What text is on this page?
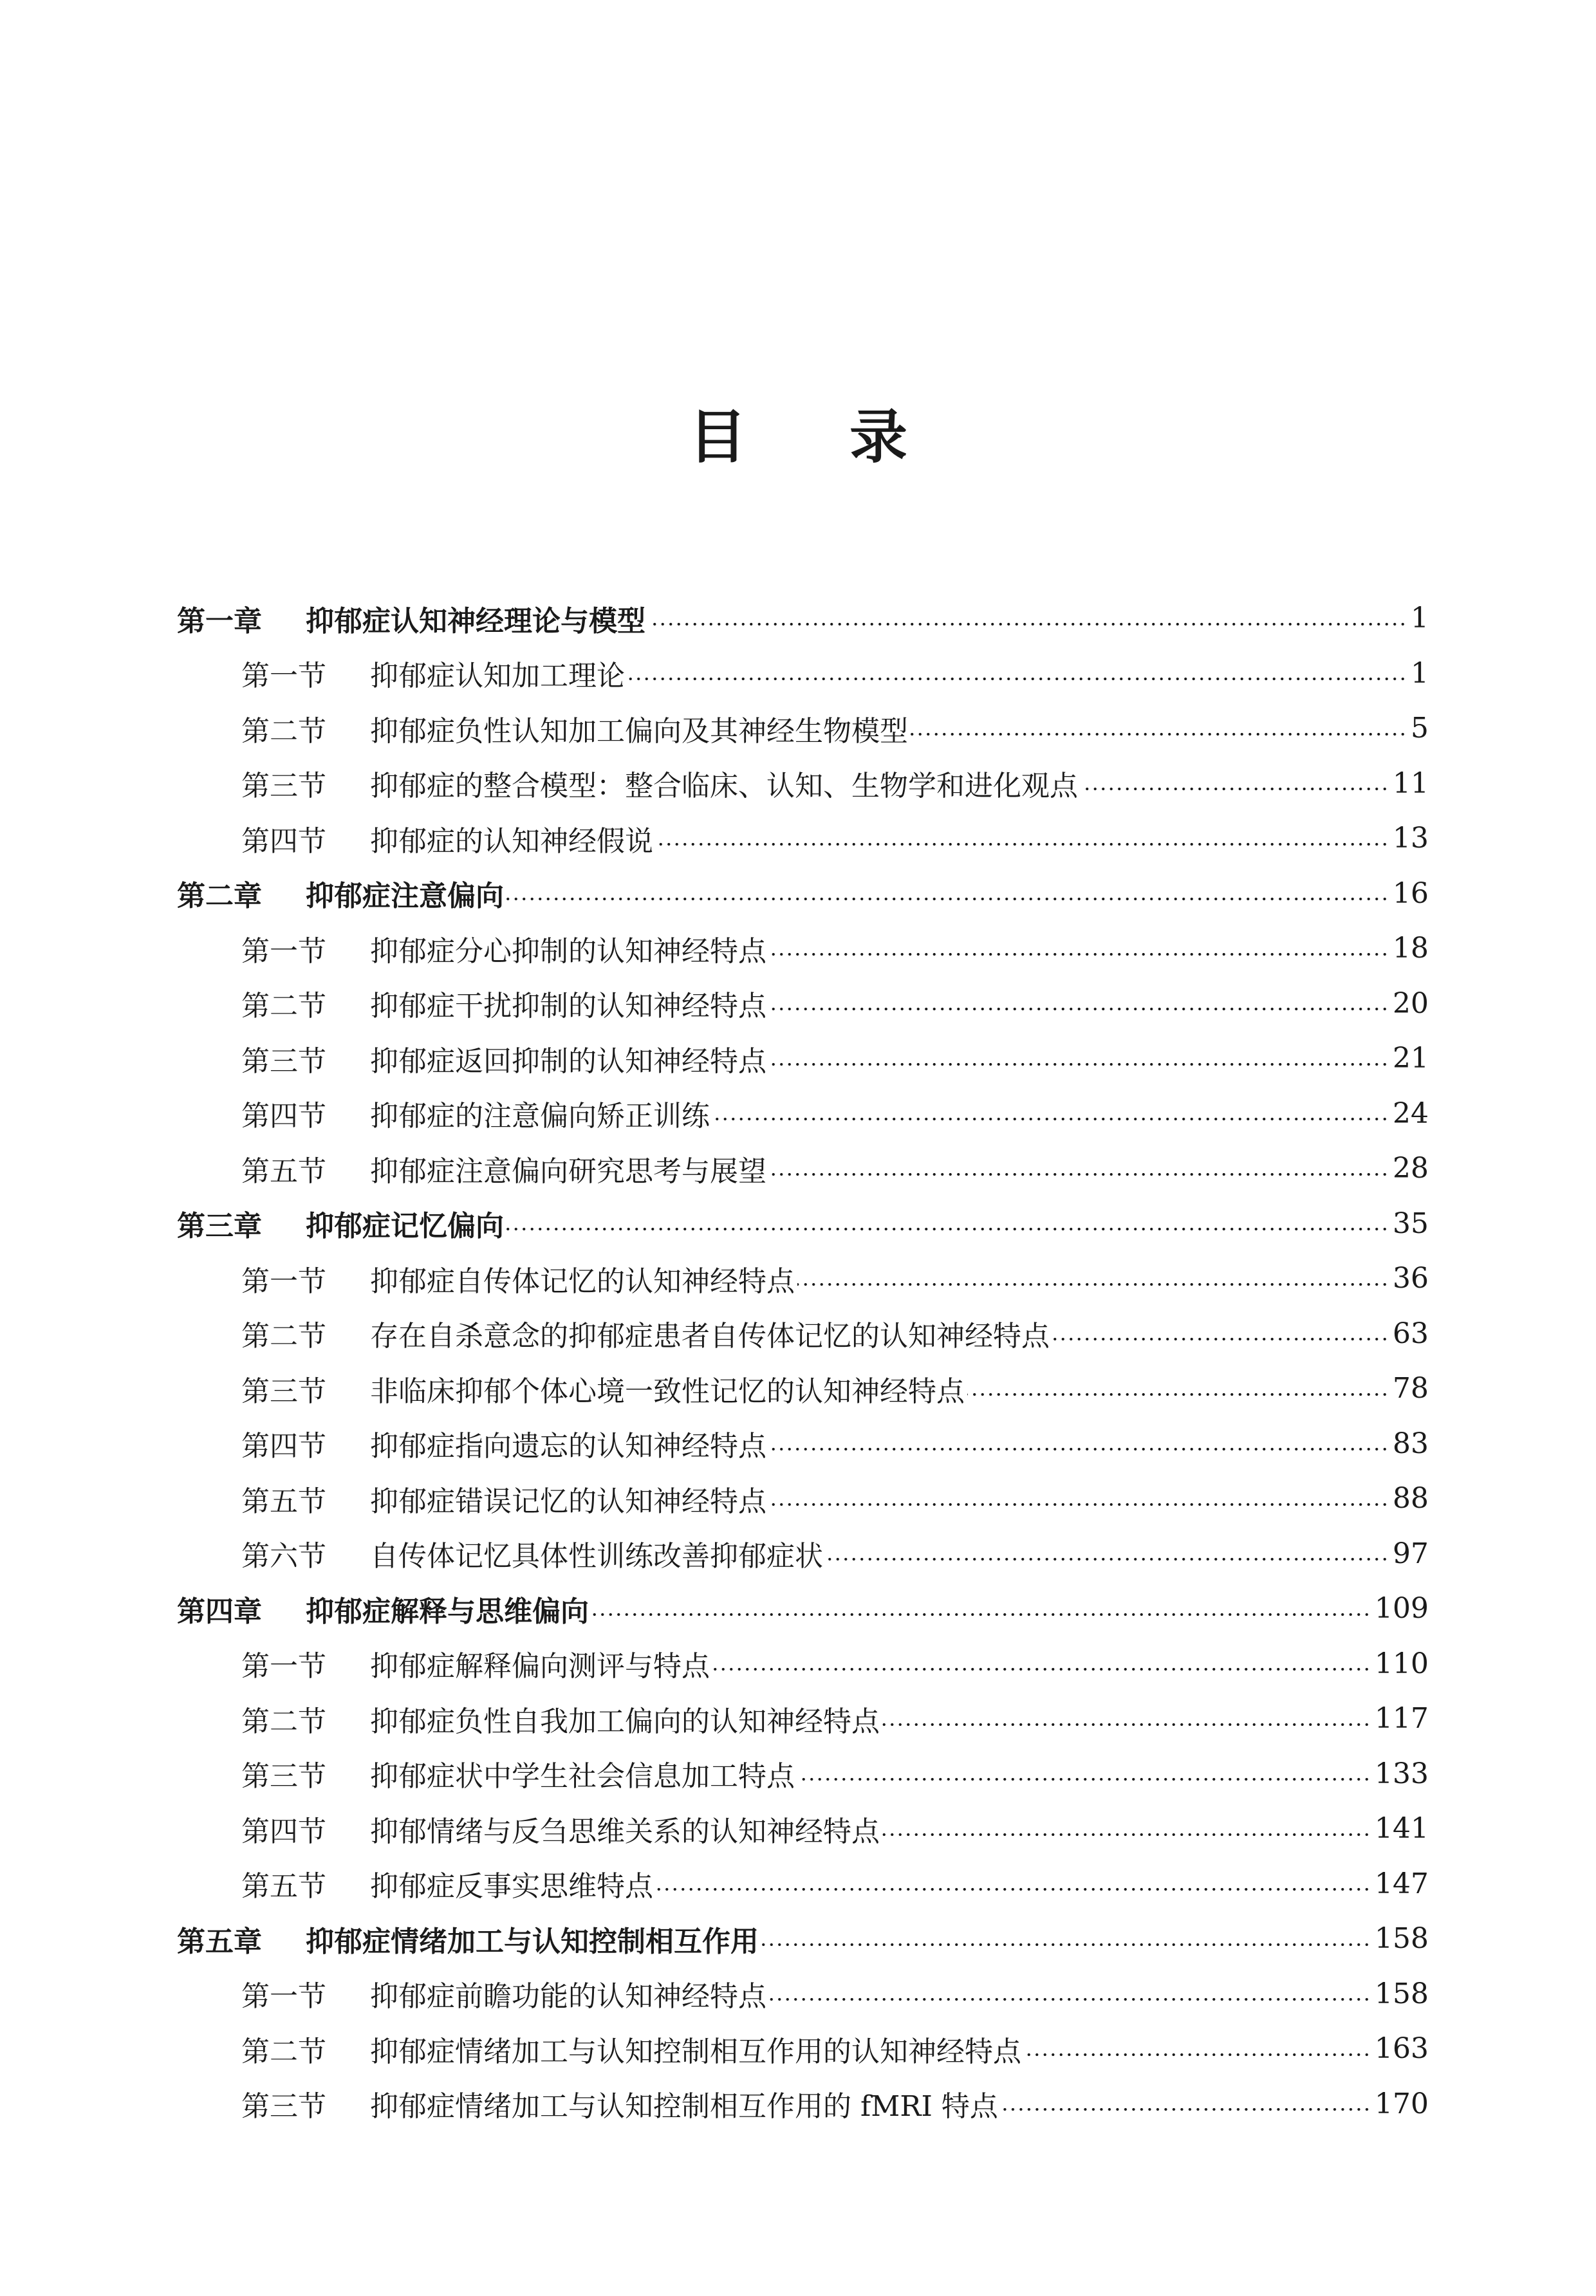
目 录
第一章	抑郁症认知神经理论与模型	1
第一节	抑郁症认知加工理论	1
第二节	抑郁症负性认知加工偏向及其神经生物模型	5
第三节	抑郁症的整合模型：整合临床、认知、生物学和进化观点	11
第四节	抑郁症的认知神经假说	13
第二章	抑郁症注意偏向	16
第一节	抑郁症分心抑制的认知神经特点	18
第二节	抑郁症干扰抑制的认知神经特点	20
第三节	抑郁症返回抑制的认知神经特点	21
第四节	抑郁症的注意偏向矫正训练	24
第五节	抑郁症注意偏向研究思考与展望	28
第三章	抑郁症记忆偏向	35
第一节	抑郁症自传体记忆的认知神经特点	36
第二节	存在自杀意念的抑郁症患者自传体记忆的认知神经特点	63
第三节	非临床抑郁个体心境一致性记忆的认知神经特点	78
第四节	抑郁症指向遗忘的认知神经特点	83
第五节	抑郁症错误记忆的认知神经特点	88
第六节	自传体记忆具体性训练改善抑郁症状	97
第四章	抑郁症解释与思维偏向	109
第一节	抑郁症解释偏向测评与特点	110
第二节	抑郁症负性自我加工偏向的认知神经特点	117
第三节	抑郁症状中学生社会信息加工特点	133
第四节	抑郁情绪与反刍思维关系的认知神经特点	141
第五节	抑郁症反事实思维特点	147
第五章	抑郁症情绪加工与认知控制相互作用	158
第一节	抑郁症前瞻功能的认知神经特点	158
第二节	抑郁症情绪加工与认知控制相互作用的认知神经特点	163
第三节	抑郁症情绪加工与认知控制相互作用的 fMRI 特点	170
